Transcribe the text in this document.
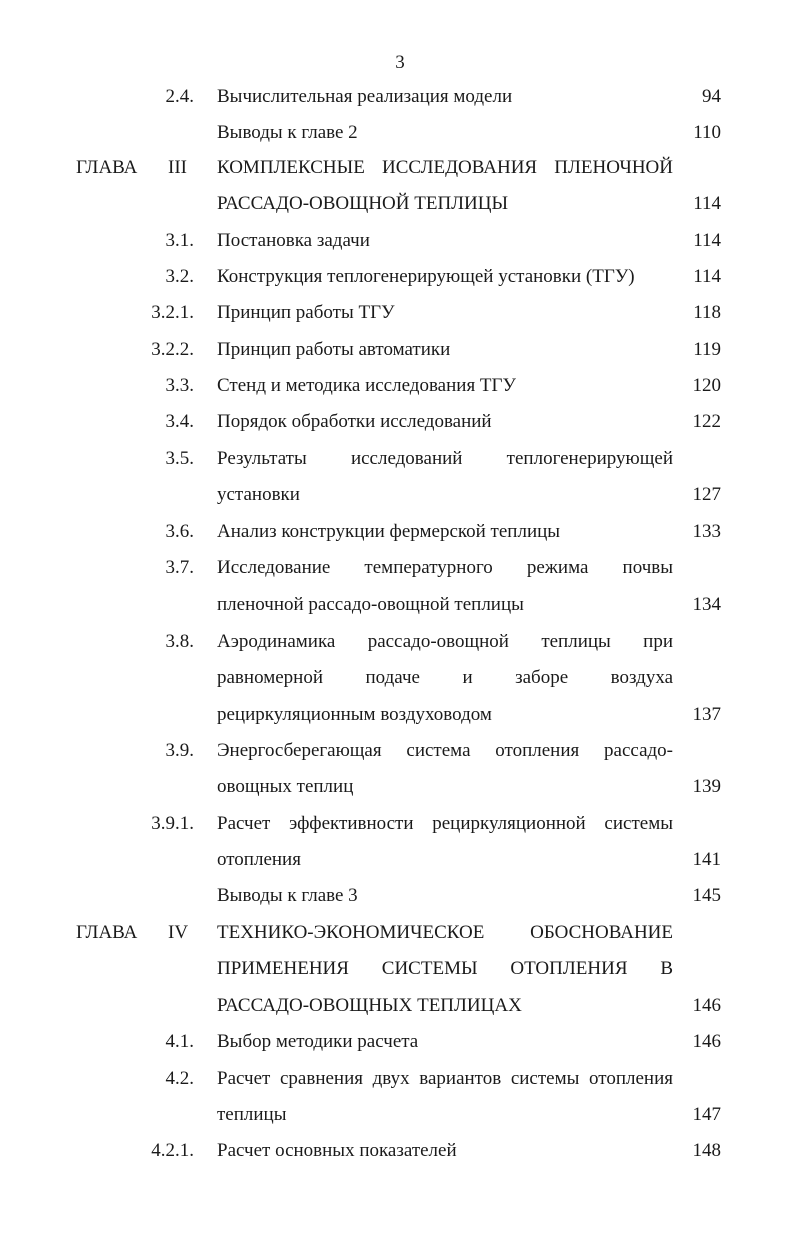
3
2.4. Вычислительная реализация модели	94
Выводы к главе 2	110
ГЛАВА III КОМПЛЕКСНЫЕ ИССЛЕДОВАНИЯ ПЛЕНОЧНОЙ
РАССАДО-ОВОЩНОЙ ТЕПЛИЦЫ	114
3.1. Постановка задачи	114
3.2. Конструкция теплогенерирующей установки (ТГУ)	114
3.2.1. Принцип работы ТГУ	118
3.2.2. Принцип работы автоматики	119
3.3. Стенд и методика исследования ТГУ	120
3.4. Порядок обработки исследований	122
3.5. Результаты исследований теплогенерирующей
установки	127
3.6. Анализ конструкции фермерской теплицы	133
3.7. Исследование температурного режима почвы
пленочной рассадо-овощной теплицы	134
3.8. Аэродинамика рассадо-овощной теплицы при
равномерной подаче и заборе воздуха
рециркуляционным воздуховодом	137
3.9. Энергосберегающая система отопления рассадо-
овощных теплиц	139
3.9.1. Расчет эффективности рециркуляционной системы
отопления	141
Выводы к главе 3	145
ГЛАВА IV ТЕХНИКО-ЭКОНОМИЧЕСКОЕ ОБОСНОВАНИЕ
ПРИМЕНЕНИЯ СИСТЕМЫ ОТОПЛЕНИЯ В
РАССАДО-ОВОЩНЫХ ТЕПЛИЦАХ	146
4.1. Выбор методики расчета	146
4.2. Расчет сравнения двух вариантов системы отопления
теплицы	147
4.2.1. Расчет основных показателей	148
